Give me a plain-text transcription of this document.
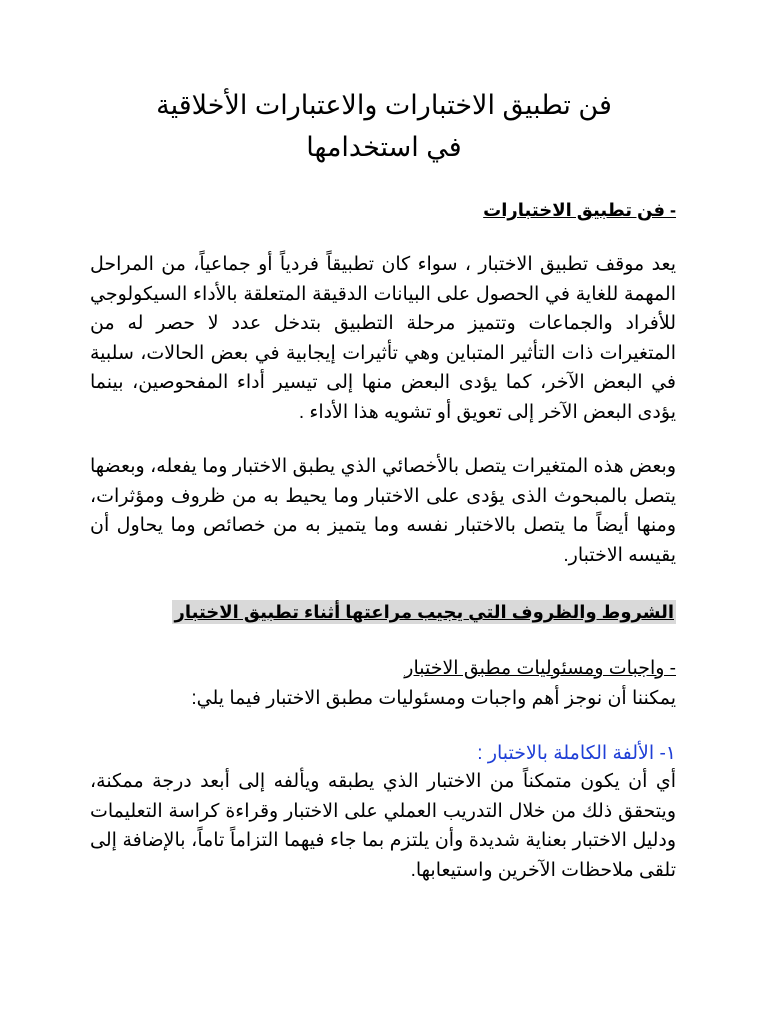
فن تطبيق الاختبارات والاعتبارات الأخلاقية
في استخدامها
- فن تطبيق الاختبارات
يعد موقف تطبيق الاختبار ، سواء كان تطبيقاً فردياً أو جماعياً، من المراحل المهمة للغاية في الحصول على البيانات الدقيقة المتعلقة بالأداء السيكولوجي للأفراد والجماعات وتتميز مرحلة التطبيق بتدخل عدد لا حصر له من المتغيرات ذات التأثير المتباين وهي تأثيرات إيجابية في بعض الحالات، سلبية في البعض الآخر، كما يؤدى البعض منها إلى تيسير أداء المفحوصين، بينما يؤدى البعض الآخر إلى تعويق أو تشويه هذا الأداء .
وبعض هذه المتغيرات يتصل بالأخصائي الذي يطبق الاختبار وما يفعله، وبعضها يتصل بالمبحوث الذى يؤدى على الاختبار وما يحيط به من ظروف ومؤثرات، ومنها أيضاً ما يتصل بالاختبار نفسه وما يتميز به من خصائص وما يحاول أن يقيسه الاختبار.
الشروط والظروف التي يجيب مراعتها أثناء تطبيق الاختبار
- واجبات ومسئوليات مطبق الاختبار
يمكننا أن نوجز أهم واجبات ومسئوليات مطبق الاختبار فيما يلي:
١- الألفة الكاملة بالاختبار :
أي أن يكون متمكناً من الاختبار الذي يطبقه ويألفه إلى أبعد درجة ممكنة، ويتحقق ذلك من خلال التدريب العملي على الاختبار وقراءة كراسة التعليمات ودليل الاختبار بعناية شديدة وأن يلتزم بما جاء فيهما التزاماً تاماً، بالإضافة إلى تلقى ملاحظات الآخرين واستيعابها.
